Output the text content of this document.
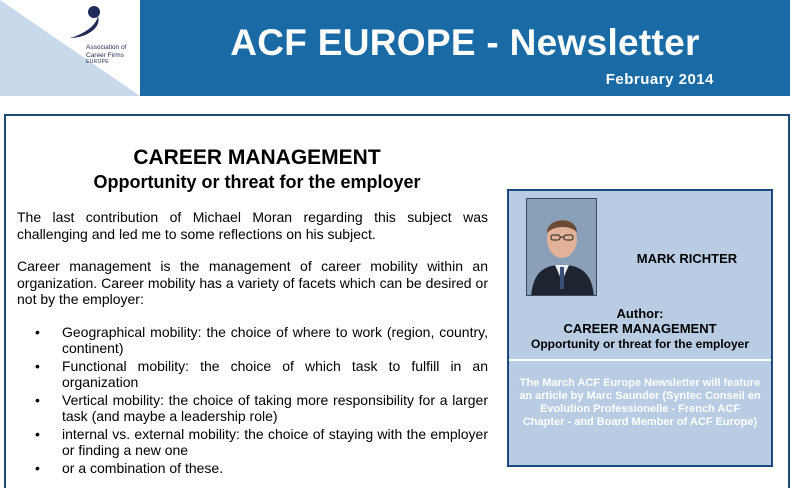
Association of
Career Firms
EUROPE	ACF EUROPE - Newsletter
February 2014
CAREER MANAGEMENT
Opportunity or threat for the employer

The last contribution of Michael Moran regarding this subject was challenging and led me to some reflections on his subject.

Career management is the management of career mobility within an organization. Career mobility has a variety of facets which can be desired or not by the employer:

• Geographical mobility: the choice of where to work (region, country, continent)
• Functional mobility: the choice of which task to fulfill in an organization
• Vertical mobility: the choice of taking more responsibility for a larger task (and maybe a leadership role)
• internal vs. external mobility: the choice of staying with the employer or finding a new one
• or a combination of these.
MARK RICHTER
Author:
CAREER MANAGEMENT
Opportunity or threat for the employer
The March ACF Europe Newsletter will feature an article by Marc Saunder (Syntec Conseil en Evolution Professionelle - French ACF Chapter - and Board Member of ACF Europe)
